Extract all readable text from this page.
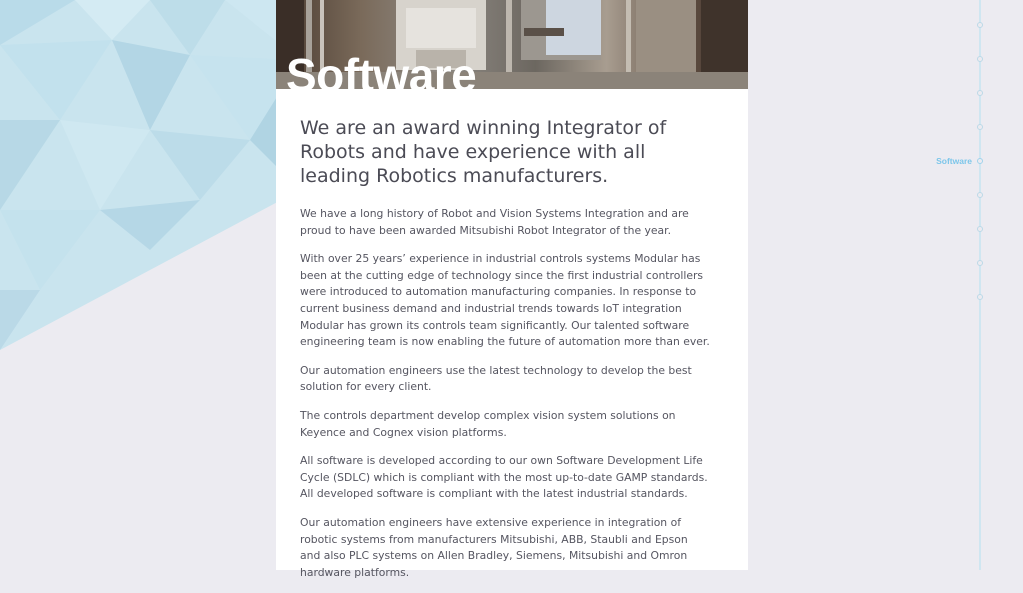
Software
We are an award winning Integrator of Robots and have experience with all leading Robotics manufacturers.

We have a long history of Robot and Vision Systems Integration and are proud to have been awarded Mitsubishi Robot Integrator of the year.

With over 25 years’ experience in industrial controls systems Modular has been at the cutting edge of technology since the first industrial controllers were introduced to automation manufacturing companies. In response to current business demand and industrial trends towards IoT integration Modular has grown its controls team significantly. Our talented software engineering team is now enabling the future of automation more than ever.

Our automation engineers use the latest technology to develop the best solution for every client.

The controls department develop complex vision system solutions on Keyence and Cognex vision platforms.

All software is developed according to our own Software Development Life Cycle (SDLC) which is compliant with the most up-to-date GAMP standards. All developed software is compliant with the latest industrial standards.

Our automation engineers have extensive experience in integration of robotic systems from manufacturers Mitsubishi, ABB, Staubli and Epson and also PLC systems on Allen Bradley, Siemens, Mitsubishi and Omron hardware platforms.

Software
